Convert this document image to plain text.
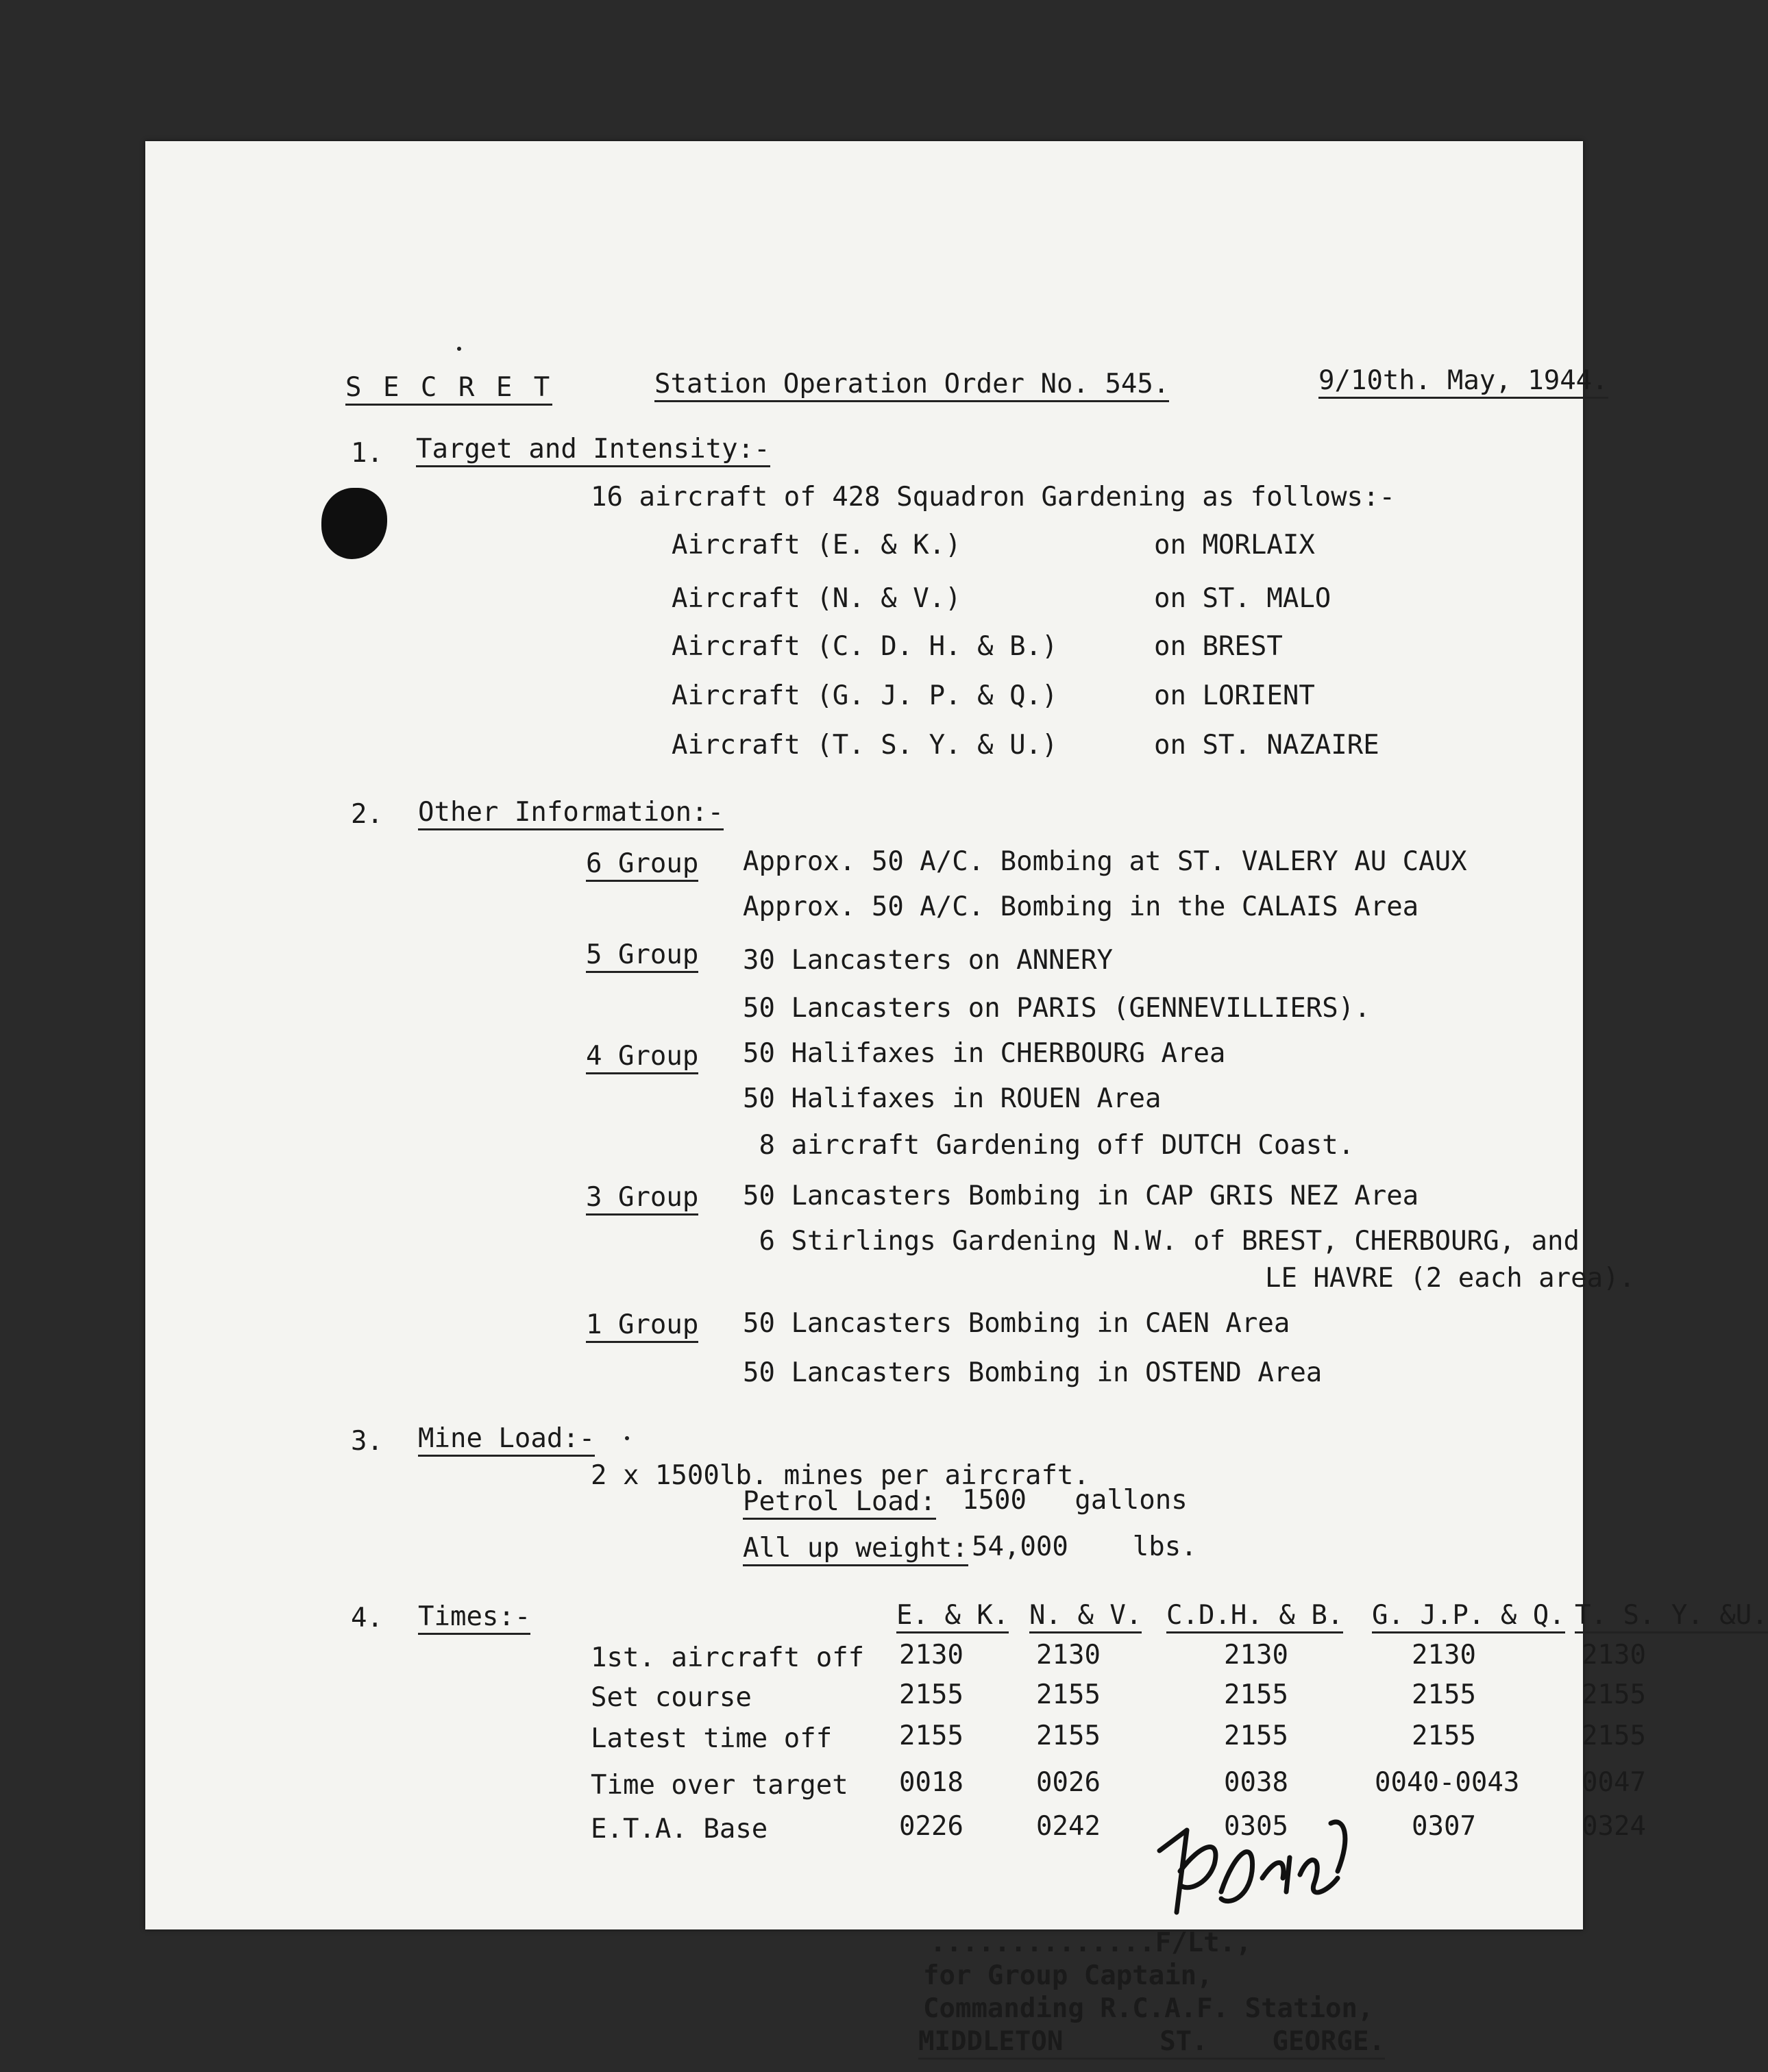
S E C R E T	Station Operation Order No. 545.	9/10th. May, 1944.
1. Target and Intensity:-
16 aircraft of 428 Squadron Gardening as follows:-
Aircraft (E. & K.)	on MORLAIX
Aircraft (N. & V.)	on ST. MALO
Aircraft (C. D. H. & B.)	on BREST
Aircraft (G. J. P. & Q.)	on LORIENT
Aircraft (T. S. Y. & U.)	on ST. NAZAIRE
2. Other Information:-
6 Group Approx. 50 A/C. Bombing at ST. VALERY AU CAUX
Approx. 50 A/C. Bombing in the CALAIS Area
5 Group 30 Lancasters on ANNERY
50 Lancasters on PARIS (GENNEVILLIERS).
4 Group 50 Halifaxes in CHERBOURG Area
50 Halifaxes in ROUEN Area
8 aircraft Gardening off DUTCH Coast.
3 Group 50 Lancasters Bombing in CAP GRIS NEZ Area
6 Stirlings Gardening N.W. of BREST, CHERBOURG, and
LE HAVRE (2 each area).
1 Group 50 Lancasters Bombing in CAEN Area
50 Lancasters Bombing in OSTEND Area
3. Mine Load:-
2 x 1500lb. mines per aircraft.
Petrol Load: 1500   gallons
All up weight: 54,000    lbs.
4. Times:-	E. & K. N. & V. C.D.H. & B. G. J.P. & Q. T. S. Y. &U.
1st. aircraft off 2130	2130	2130	2130	2130
Set course	2155	2155	2155	2155	2155
Latest time off	2155	2155	2155	2155	2155
Time over target 0018	0026	0038	0040-0043 0047
E.T.A. Base	0226	0242	0305	0307	0324
..............F/Lt.,
for Group Captain,
Commanding R.C.A.F. Station,
MIDDLETON      ST.    GEORGE.
